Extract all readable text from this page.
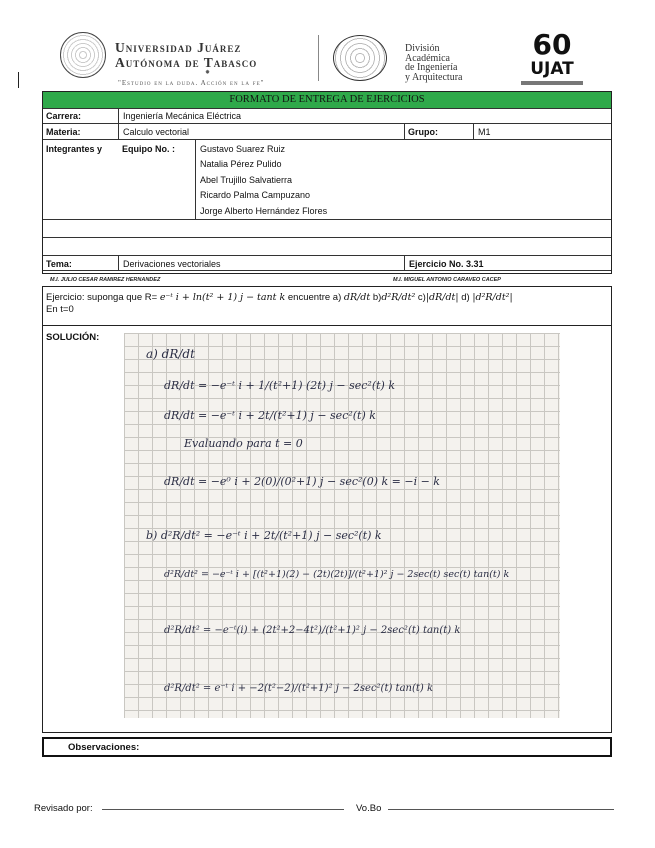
Universidad Juárez
Autónoma de Tabasco
✸
"Estudio en la duda. Acción en la fe"
División
Académica
de Ingeniería
y Arquitectura
60
UJAT
FORMATO DE ENTREGA DE EJERCICIOS
Carrera:	Ingeniería Mecánica Eléctrica
Materia:	Calculo vectorial	Grupo:	M1
Integrantes y Equipo No. :	Gustavo Suarez Ruiz
Natalia Pérez Pulido
Abel Trujillo Salvatierra
Ricardo Palma Campuzano
Jorge Alberto Hernández Flores
Tema:	Derivaciones vectoriales	Ejercicio No. 3.31
M.I. JULIO CESAR RAMIREZ HERNANDEZ	M.I. MIGUEL ANTONIO CARAVEO CACEP
Ejercicio: suponga que R= e⁻ᵗ i + ln(t² + 1) j − tant k encuentre a) dR/dt b)d²R/dt² c)|dR/dt| d) |d²R/dt²|
En t=0
SOLUCIÓN:
a) dR/dt
dR/dt = −e⁻ᵗ i + 1/(t²+1) (2t) j − sec²(t) k
dR/dt = −e⁻ᵗ i + 2t/(t²+1) j − sec²(t) k
Evaluando para t = 0
dR/dt = −e⁰ i + 2(0)/(0²+1) j − sec²(0) k = −i − k
b) d²R/dt² = −e⁻ᵗ i + 2t/(t²+1) j − sec²(t) k
d²R/dt² = −e⁻ᵗ i + [(t²+1)(2) − (2t)(2t)]/(t²+1)² j − 2sec(t) sec(t) tan(t) k
d²R/dt² = −e⁻ᵗ(i) + (2t²+2−4t²)/(t²+1)² j − 2sec²(t) tan(t) k
d²R/dt² = e⁻ᵗ i + −2(t²−2)/(t²+1)² j − 2sec²(t) tan(t) k
Observaciones:
Revisado por:	Vo.Bo
